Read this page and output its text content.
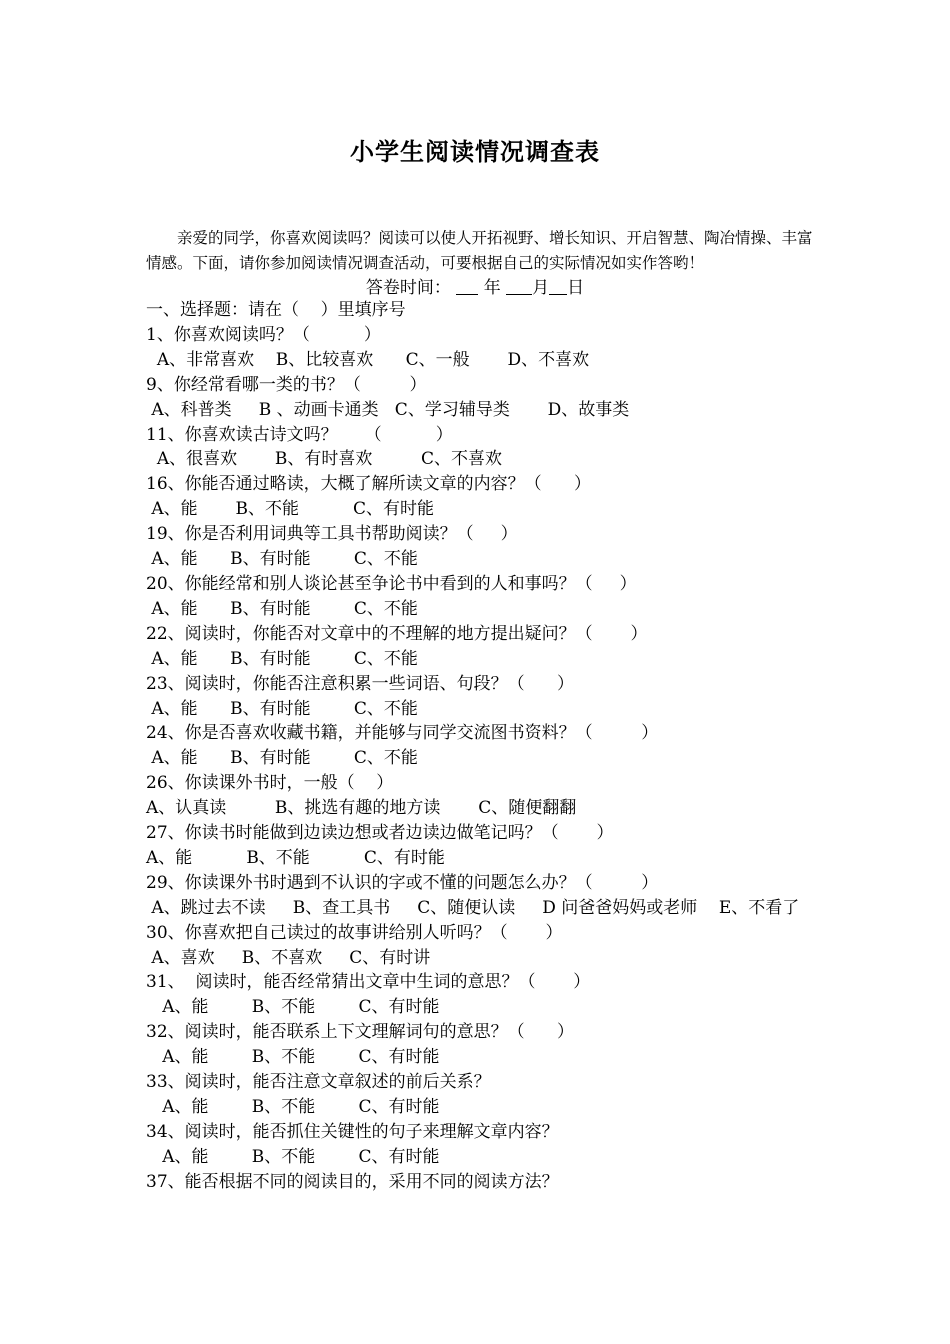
小学生阅读情况调查表
亲爱的同学，你喜欢阅读吗？阅读可以使人开拓视野、增长知识、开启智慧、陶冶情操、丰富情感。下面，请你参加阅读情况调查活动，可要根据自己的实际情况如实作答哟！
答卷时间： 年 月 日
一、选择题：请在（    ）里填序号
1、你喜欢阅读吗？（          ）
A、非常喜欢    B、比较喜欢      C、一般       D、不喜欢
9、你经常看哪一类的书？（         ）
A、科普类     B 、动画卡通类   C、学习辅导类       D、故事类
11、你喜欢读古诗文吗？     （          ）
A、很喜欢       B、有时喜欢         C、不喜欢
16、你能否通过略读，大概了解所读文章的内容？（      ）
A、能       B、不能          C、有时能
19、你是否利用词典等工具书帮助阅读？（     ）
A、能      B、有时能        C、不能
20、你能经常和别人谈论甚至争论书中看到的人和事吗？（     ）
A、能      B、有时能        C、不能
22、阅读时，你能否对文章中的不理解的地方提出疑问？（       ）
A、能      B、有时能        C、不能
23、阅读时，你能否注意积累一些词语、句段？（      ）
A、能      B、有时能        C、不能
24、你是否喜欢收藏书籍，并能够与同学交流图书资料？（         ）
A、能      B、有时能        C、不能
26、你读课外书时，一般（    ）
A、认真读         B、挑选有趣的地方读       C、随便翻翻
27、你读书时能做到边读边想或者边读边做笔记吗？（       ）
A、能          B、不能          C、有时能
29、你读课外书时遇到不认识的字或不懂的问题怎么办？（         ）
A、跳过去不读     B、查工具书     C、随便认读     D 问爸爸妈妈或老师    E、不看了
30、你喜欢把自己读过的故事讲给别人听吗？（       ）
A、喜欢     B、不喜欢     C、有时讲
31、  阅读时，能否经常猜出文章中生词的意思？（       ）
A、能        B、不能        C、有时能
32、阅读时，能否联系上下文理解词句的意思？（      ）
A、能        B、不能        C、有时能
33、阅读时，能否注意文章叙述的前后关系？
A、能        B、不能        C、有时能
34、阅读时，能否抓住关键性的句子来理解文章内容？
A、能        B、不能        C、有时能
37、能否根据不同的阅读目的，采用不同的阅读方法？
